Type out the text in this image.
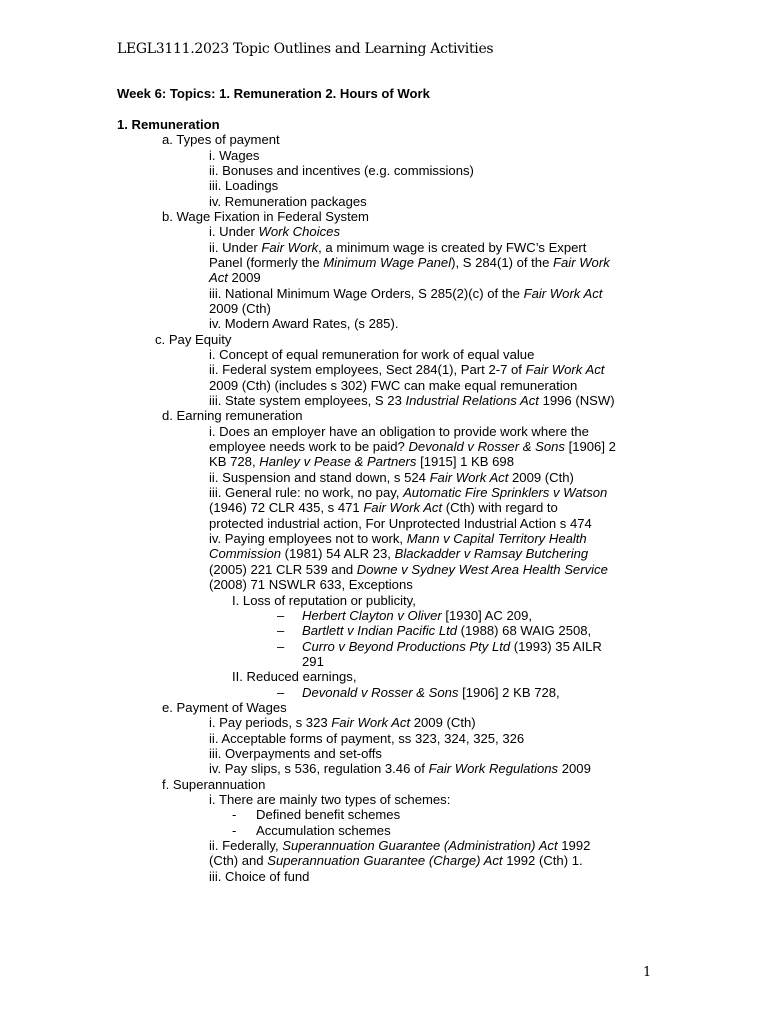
LEGL3111.2023 Topic Outlines and Learning Activities
Week 6: Topics: 1. Remuneration 2. Hours of Work
1. Remuneration
a. Types of payment
i. Wages
ii. Bonuses and incentives (e.g. commissions)
iii. Loadings
iv. Remuneration packages
b. Wage Fixation in Federal System
i. Under Work Choices
ii. Under Fair Work, a minimum wage is created by FWC’s Expert
Panel (formerly the Minimum Wage Panel), S 284(1) of the Fair Work
Act 2009
iii. National Minimum Wage Orders, S 285(2)(c) of the Fair Work Act
2009 (Cth)
iv. Modern Award Rates, (s 285).
c. Pay Equity
i. Concept of equal remuneration for work of equal value
ii. Federal system employees, Sect 284(1), Part 2-7 of Fair Work Act
2009 (Cth) (includes s 302) FWC can make equal remuneration
iii. State system employees, S 23 Industrial Relations Act 1996 (NSW)
d. Earning remuneration
i. Does an employer have an obligation to provide work where the
employee needs work to be paid? Devonald v Rosser & Sons [1906] 2
KB 728, Hanley v Pease & Partners [1915] 1 KB 698
ii. Suspension and stand down, s 524 Fair Work Act 2009 (Cth)
iii. General rule: no work, no pay, Automatic Fire Sprinklers v Watson
(1946) 72 CLR 435, s 471 Fair Work Act (Cth) with regard to
protected industrial action, For Unprotected Industrial Action s 474
iv. Paying employees not to work, Mann v Capital Territory Health
Commission (1981) 54 ALR 23, Blackadder v Ramsay Butchering
(2005) 221 CLR 539 and Downe v Sydney West Area Health Service
(2008) 71 NSWLR 633, Exceptions
I. Loss of reputation or publicity,
– Herbert Clayton v Oliver [1930] AC 209,
– Bartlett v Indian Pacific Ltd (1988) 68 WAIG 2508,
– Curro v Beyond Productions Pty Ltd (1993) 35 AILR
291
II. Reduced earnings,
– Devonald v Rosser & Sons [1906] 2 KB 728,
e. Payment of Wages
i. Pay periods, s 323 Fair Work Act 2009 (Cth)
ii. Acceptable forms of payment, ss 323, 324, 325, 326
iii. Overpayments and set-offs
iv. Pay slips, s 536, regulation 3.46 of Fair Work Regulations 2009
f. Superannuation
i. There are mainly two types of schemes:
- Defined benefit schemes
- Accumulation schemes
ii. Federally, Superannuation Guarantee (Administration) Act 1992
(Cth) and Superannuation Guarantee (Charge) Act 1992 (Cth) 1.
iii. Choice of fund
1
